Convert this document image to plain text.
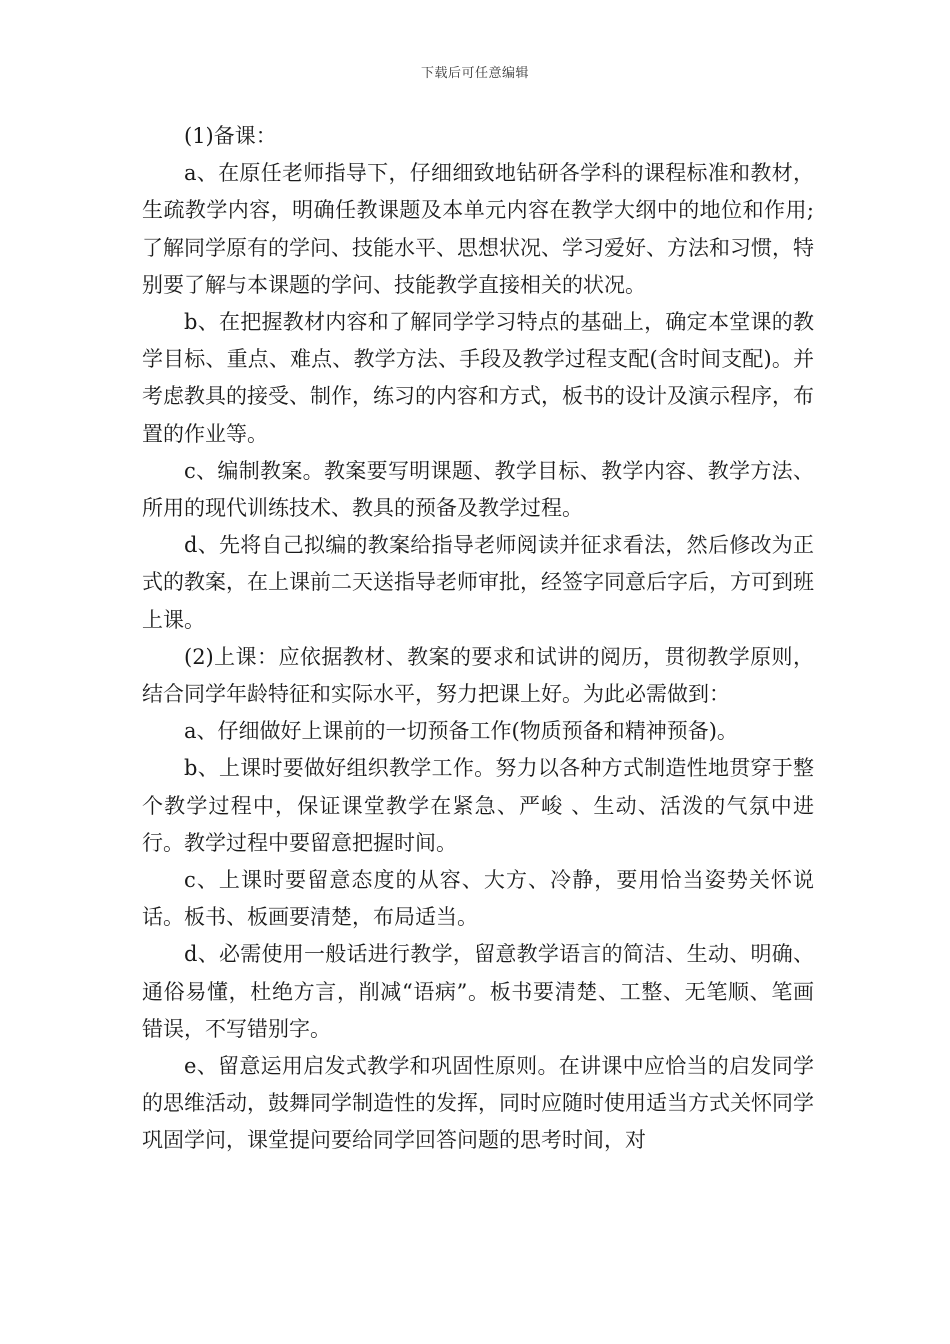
下载后可任意编辑

(1)备课：

a、在原任老师指导下，仔细细致地钻研各学科的课程标准和教材，生疏教学内容，明确任教课题及本单元内容在教学大纲中的地位和作用;了解同学原有的学问、技能水平、思想状况、学习爱好、方法和习惯，特别要了解与本课题的学问、技能教学直接相关的状况。

b、在把握教材内容和了解同学学习特点的基础上，确定本堂课的教学目标、重点、难点、教学方法、手段及教学过程支配(含时间支配)。并考虑教具的接受、制作，练习的内容和方式，板书的设计及演示程序，布置的作业等。

c、编制教案。教案要写明课题、教学目标、教学内容、教学方法、所用的现代训练技术、教具的预备及教学过程。

d、先将自己拟编的教案给指导老师阅读并征求看法，然后修改为正式的教案，在上课前二天送指导老师审批，经签字同意后字后，方可到班上课。

(2)上课：应依据教材、教案的要求和试讲的阅历，贯彻教学原则，结合同学年龄特征和实际水平，努力把课上好。为此必需做到：

a、仔细做好上课前的一切预备工作(物质预备和精神预备)。

b、上课时要做好组织教学工作。努力以各种方式制造性地贯穿于整个教学过程中，保证课堂教学在紧急、严峻 、生动、活泼的气氛中进行。教学过程中要留意把握时间。

c、上课时要留意态度的从容、大方、冷静，要用恰当姿势关怀说话。板书、板画要清楚，布局适当。

d、必需使用一般话进行教学，留意教学语言的简洁、生动、明确、通俗易懂，杜绝方言，削减“语病”。板书要清楚、工整、无笔顺、笔画错误，不写错别字。

e、留意运用启发式教学和巩固性原则。在讲课中应恰当的启发同学的思维活动，鼓舞同学制造性的发挥，同时应随时使用适当方式关怀同学巩固学问，课堂提问要给同学回答问题的思考时间，对
